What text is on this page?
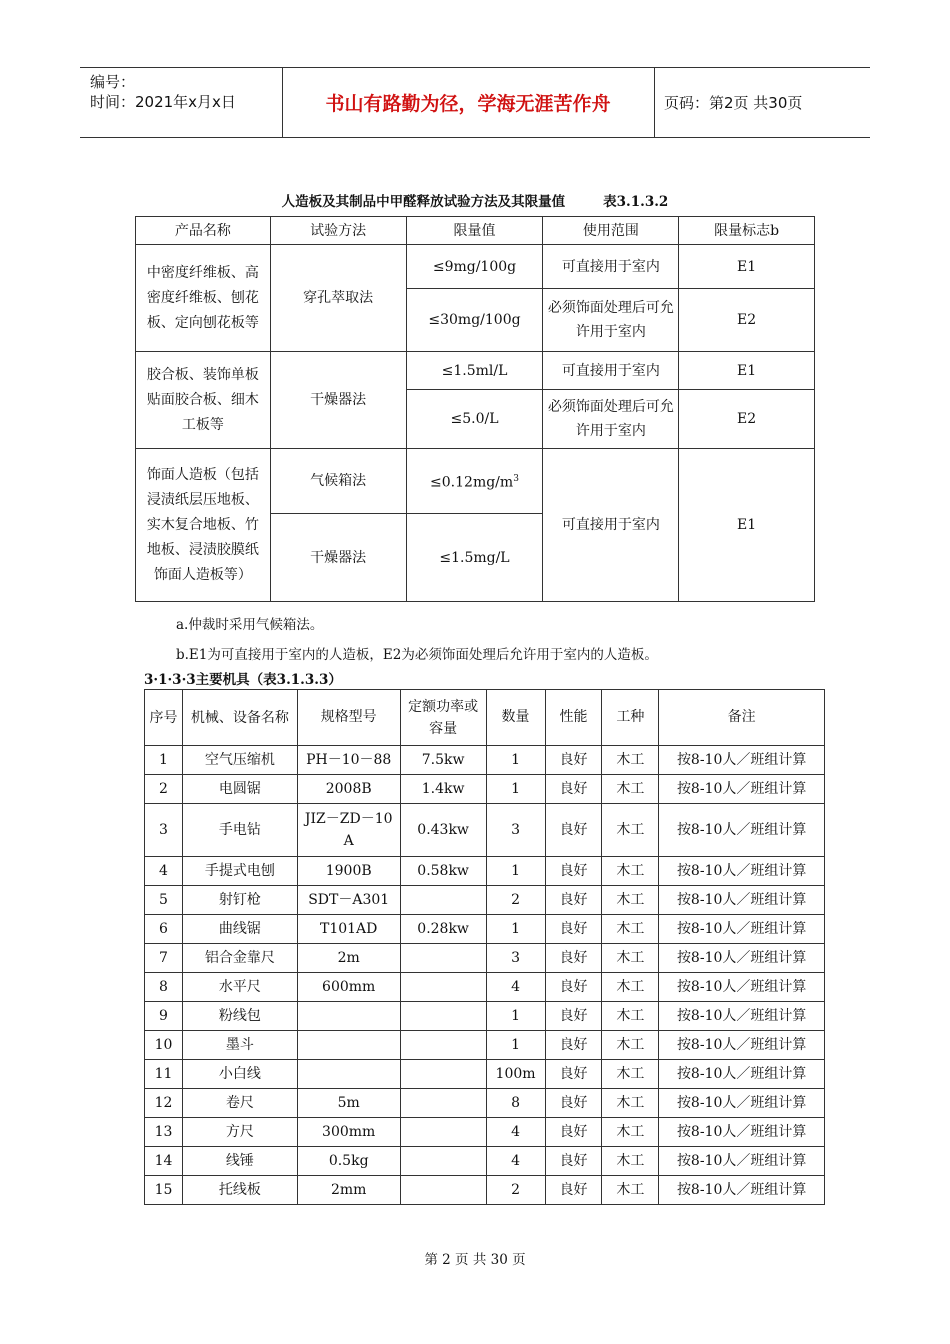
编号：
时间：2021年x月x日	书山有路勤为径，学海无涯苦作舟	页码：第2页 共30页
人造板及其制品中甲醛释放试验方法及其限量值	表3.1.3.2
产品名称	试验方法	限量值	使用范围	限量标志b
中密度纤维板、高密度纤维板、刨花板、定向刨花板等	穿孔萃取法	≤9mg/100g	可直接用于室内	E1
		≤30mg/100g	必须饰面处理后可允许用于室内	E2
胶合板、装饰单板贴面胶合板、细木工板等	干燥器法	≤1.5ml/L	可直接用于室内	E1
		≤5.0/L	必须饰面处理后可允许用于室内	E2
饰面人造板（包括浸渍纸层压地板、实木复合地板、竹地板、浸渍胶膜纸饰面人造板等）	气候箱法	$\le 0.12mg/m^3$	可直接用于室内	E1
	干燥器法	≤1.5mg/L		
a.仲裁时采用气候箱法。
b.E1为可直接用于室内的人造板，E2为必须饰面处理后允许用于室内的人造板。
3·1·3·3主要机具（表3.1.3.3）
序号	机械、设备名称	规格型号	定额功率或容量	数量	性能	工种	备注
1	空气压缩机	PH－10－88	7.5kw	1	良好	木工	按8-10人／班组计算
2	电圆锯	2008B	1.4kw	1	良好	木工	按8-10人／班组计算
3	手电钻	JIZ－ZD－10A	0.43kw	3	良好	木工	按8-10人／班组计算
4	手提式电刨	1900B	0.58kw	1	良好	木工	按8-10人／班组计算
5	射钉枪	SDT－A301		2	良好	木工	按8-10人／班组计算
6	曲线锯	T101AD	0.28kw	1	良好	木工	按8-10人／班组计算
7	铝合金靠尺	2m		3	良好	木工	按8-10人／班组计算
8	水平尺	600mm		4	良好	木工	按8-10人／班组计算
9	粉线包			1	良好	木工	按8-10人／班组计算
10	墨斗			1	良好	木工	按8-10人／班组计算
11	小白线			100m	良好	木工	按8-10人／班组计算
12	卷尺	5m		8	良好	木工	按8-10人／班组计算
13	方尺	300mm		4	良好	木工	按8-10人／班组计算
14	线锤	0.5kg		4	良好	木工	按8-10人／班组计算
15	托线板	2mm		2	良好	木工	按8-10人／班组计算
第 2 页 共 30 页
